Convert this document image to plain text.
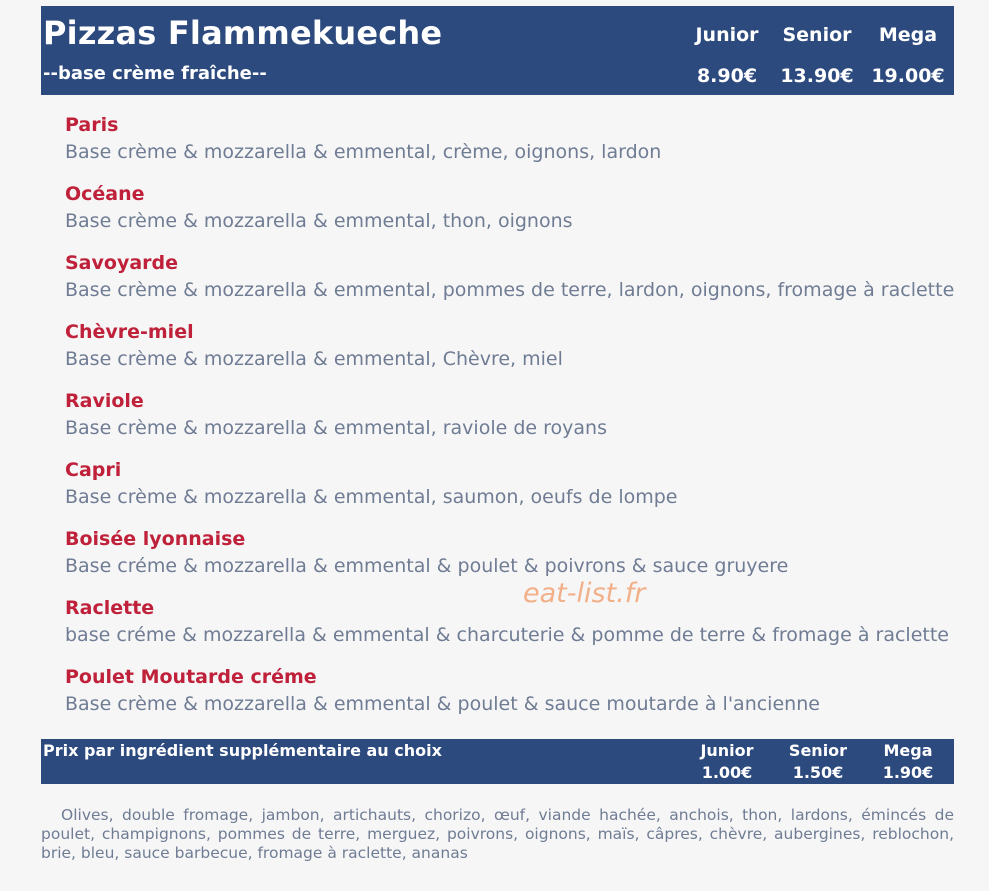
Pizzas Flammekueche
--base crème fraîche--
Junior	Senior	Mega
8.90€	13.90€ 19.00€
Paris
Base crème & mozzarella & emmental, crème, oignons, lardon
Océane
Base crème & mozzarella & emmental, thon, oignons
Savoyarde
Base crème & mozzarella & emmental, pommes de terre, lardon, oignons, fromage à raclette
Chèvre-miel
Base crème & mozzarella & emmental, Chèvre, miel
Raviole
Base crème & mozzarella & emmental, raviole de royans
Capri
Base crème & mozzarella & emmental, saumon, oeufs de lompe
Boisée lyonnaise
Base créme & mozzarella & emmental & poulet & poivrons & sauce gruyere
Raclette
base créme & mozzarella & emmental & charcuterie & pomme de terre & fromage à raclette
Poulet Moutarde créme
Base crème & mozzarella & emmental & poulet & sauce moutarde à l'ancienne
eat-list.fr
Prix par ingrédient supplémentaire au choix	Junior	Senior	Mega
1.00€	1.50€	1.90€
Olives, double fromage, jambon, artichauts, chorizo, œuf, viande hachée, anchois, thon, lardons, émincés de poulet, champignons, pommes de terre, merguez, poivrons, oignons, maïs, câpres, chèvre, aubergines, reblochon, brie, bleu, sauce barbecue, fromage à raclette, ananas
